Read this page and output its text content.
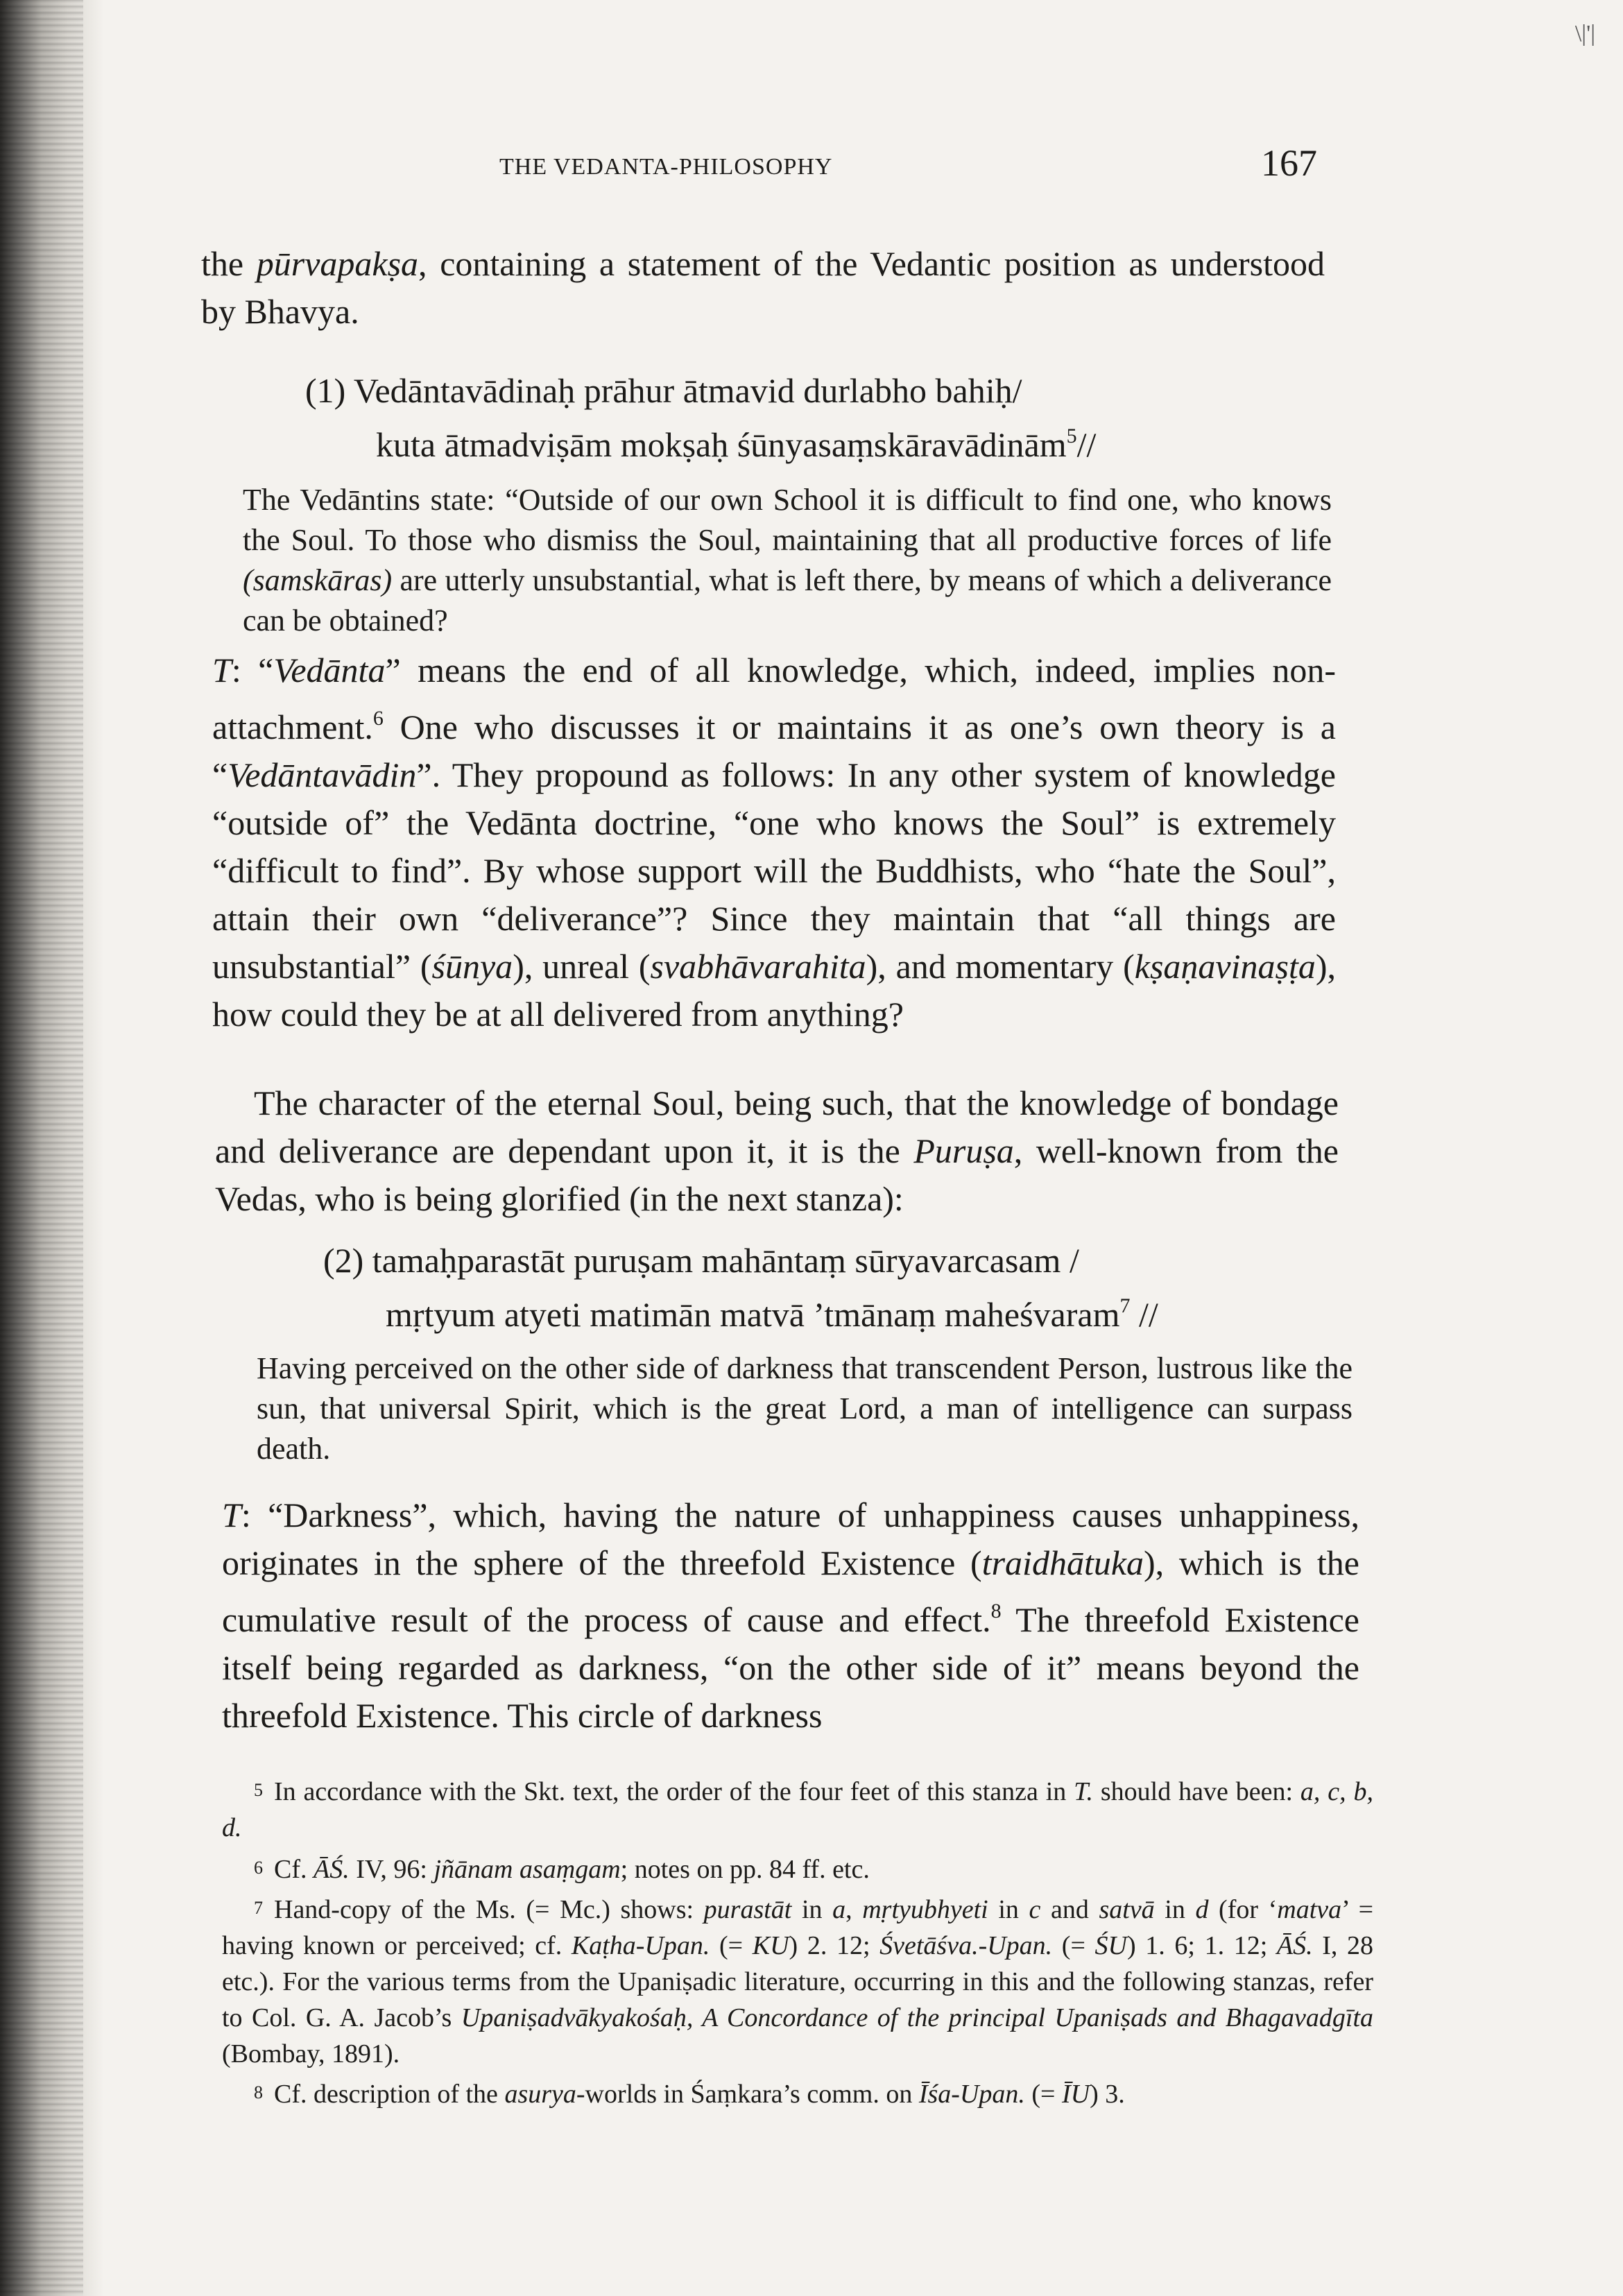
\|'|
THE VEDANTA-PHILOSOPHY	167

the pūrvapakṣa, containing a statement of the Vedantic position as understood by Bhavya.

(1) Vedāntavādinaḥ prāhur ātmavid durlabho bahiḥ/
kuta ātmadviṣām mokṣaḥ śūnyasaṃskāravādinām$^5$//

The Vedāntins state: “Outside of our own School it is difficult to find one, who knows the Soul. To those who dismiss the Soul, maintaining that all productive forces of life (samskāras) are utterly unsubstantial, what is left there, by means of which a deliverance can be obtained?

T: “Vedānta” means the end of all knowledge, which, indeed, implies non-attachment.$^6$ One who discusses it or maintains it as one’s own theory is a “Vedāntavādin”. They propound as follows: In any other system of knowledge “outside of” the Vedānta doctrine, “one who knows the Soul” is extremely “difficult to find”. By whose support will the Buddhists, who “hate the Soul”, attain their own “deliverance”? Since they maintain that “all things are unsubstantial” (śūnya), unreal (svabhāvarahita), and momentary (kṣaṇavinaṣṭa), how could they be at all delivered from anything?

The character of the eternal Soul, being such, that the knowledge of bondage and deliverance are dependant upon it, it is the Puruṣa, well-known from the Vedas, who is being glorified (in the next stanza):

(2) tamaḥparastāt puruṣam mahāntaṃ sūryavarcasam /
mṛtyum atyeti matimān matvā ’tmānaṃ maheśvaram$^7$ //

Having perceived on the other side of darkness that transcendent Person, lustrous like the sun, that universal Spirit, which is the great Lord, a man of intelligence can surpass death.

T: “Darkness”, which, having the nature of unhappiness causes unhappiness, originates in the sphere of the threefold Existence (traidhātuka), which is the cumulative result of the process of cause and effect.$^8$ The threefold Existence itself being regarded as darkness, “on the other side of it” means beyond the threefold Existence. This circle of darkness

5 In accordance with the Skt. text, the order of the four feet of this stanza in T. should have been: a, c, b, d.

6 Cf. ĀŚ. IV, 96: jñānam asaṃgam; notes on pp. 84 ff. etc.

7 Hand-copy of the Ms. (= Mc.) shows: purastāt in a, mṛtyubhyeti in c and satvā in d (for ‘matva’ = having known or perceived; cf. Kaṭha-Upan. (= KU) 2. 12; Śvetāśva.-Upan. (= ŚU) 1. 6; 1. 12; ĀŚ. I, 28 etc.). For the various terms from the Upaniṣadic literature, occurring in this and the following stanzas, refer to Col. G. A. Jacob’s Upaniṣadvākyakośaḥ, A Concordance of the principal Upaniṣads and Bhagavadgīta (Bombay, 1891).

8 Cf. description of the asurya-worlds in Śaṃkara’s comm. on Īśa-Upan. (= ĪU) 3.
